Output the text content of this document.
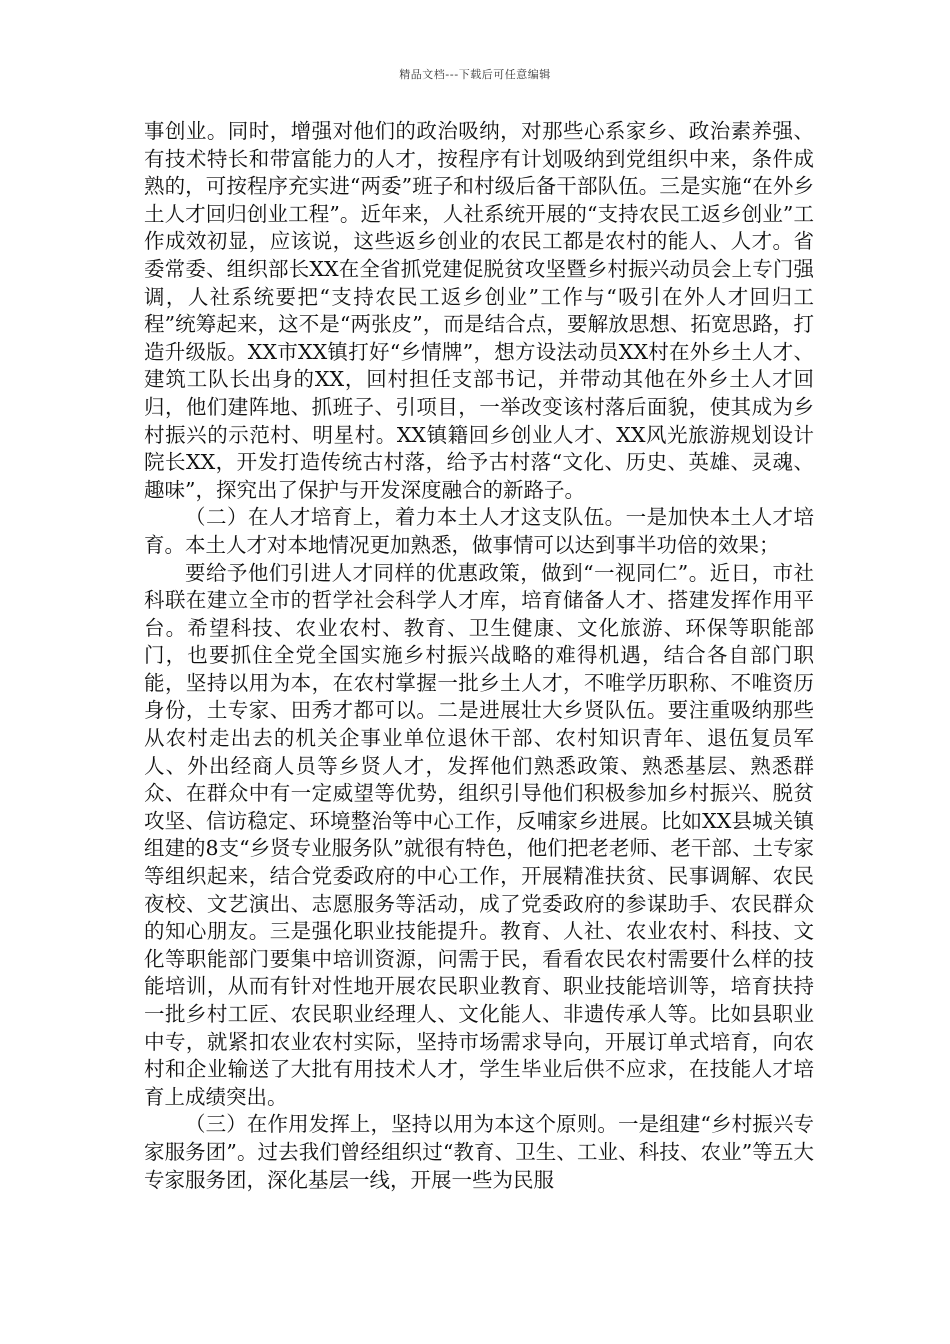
精品文档---下载后可任意编辑

事创业。同时，增强对他们的政治吸纳，对那些心系家乡、政治素养强、有技术特长和带富能力的人才，按程序有计划吸纳到党组织中来，条件成熟的，可按程序充实进“两委”班子和村级后备干部队伍。三是实施“在外乡土人才回归创业工程”。近年来，人社系统开展的“支持农民工返乡创业”工作成效初显，应该说，这些返乡创业的农民工都是农村的能人、人才。省委常委、组织部长XX在全省抓党建促脱贫攻坚暨乡村振兴动员会上专门强调，人社系统要把“支持农民工返乡创业”工作与“吸引在外人才回归工程”统筹起来，这不是“两张皮”，而是结合点，要解放思想、拓宽思路，打造升级版。XX市XX镇打好“乡情牌”，想方设法动员XX村在外乡土人才、建筑工队长出身的XX，回村担任支部书记，并带动其他在外乡土人才回归，他们建阵地、抓班子、引项目，一举改变该村落后面貌，使其成为乡村振兴的示范村、明星村。XX镇籍回乡创业人才、XX风光旅游规划设计院长XX，开发打造传统古村落，给予古村落“文化、历史、英雄、灵魂、趣味”，探究出了保护与开发深度融合的新路子。

（二）在人才培育上，着力本土人才这支队伍。一是加快本土人才培育。本土人才对本地情况更加熟悉，做事情可以达到事半功倍的效果；

要给予他们引进人才同样的优惠政策，做到“一视同仁”。近日，市社科联在建立全市的哲学社会科学人才库，培育储备人才、搭建发挥作用平台。希望科技、农业农村、教育、卫生健康、文化旅游、环保等职能部门，也要抓住全党全国实施乡村振兴战略的难得机遇，结合各自部门职能，坚持以用为本，在农村掌握一批乡土人才，不唯学历职称、不唯资历身份，土专家、田秀才都可以。二是进展壮大乡贤队伍。要注重吸纳那些从农村走出去的机关企事业单位退休干部、农村知识青年、退伍复员军人、外出经商人员等乡贤人才，发挥他们熟悉政策、熟悉基层、熟悉群众、在群众中有一定威望等优势，组织引导他们积极参加乡村振兴、脱贫攻坚、信访稳定、环境整治等中心工作，反哺家乡进展。比如XX县城关镇组建的8支“乡贤专业服务队”就很有特色，他们把老老师、老干部、土专家等组织起来，结合党委政府的中心工作，开展精准扶贫、民事调解、农民夜校、文艺演出、志愿服务等活动，成了党委政府的参谋助手、农民群众的知心朋友。三是强化职业技能提升。教育、人社、农业农村、科技、文化等职能部门要集中培训资源，问需于民，看看农民农村需要什么样的技能培训，从而有针对性地开展农民职业教育、职业技能培训等，培育扶持一批乡村工匠、农民职业经理人、文化能人、非遗传承人等。比如县职业中专，就紧扣农业农村实际，坚持市场需求导向，开展订单式培育，向农村和企业输送了大批有用技术人才，学生毕业后供不应求，在技能人才培育上成绩突出。

（三）在作用发挥上，坚持以用为本这个原则。一是组建“乡村振兴专家服务团”。过去我们曾经组织过“教育、卫生、工业、科技、农业”等五大专家服务团，深化基层一线，开展一些为民服
